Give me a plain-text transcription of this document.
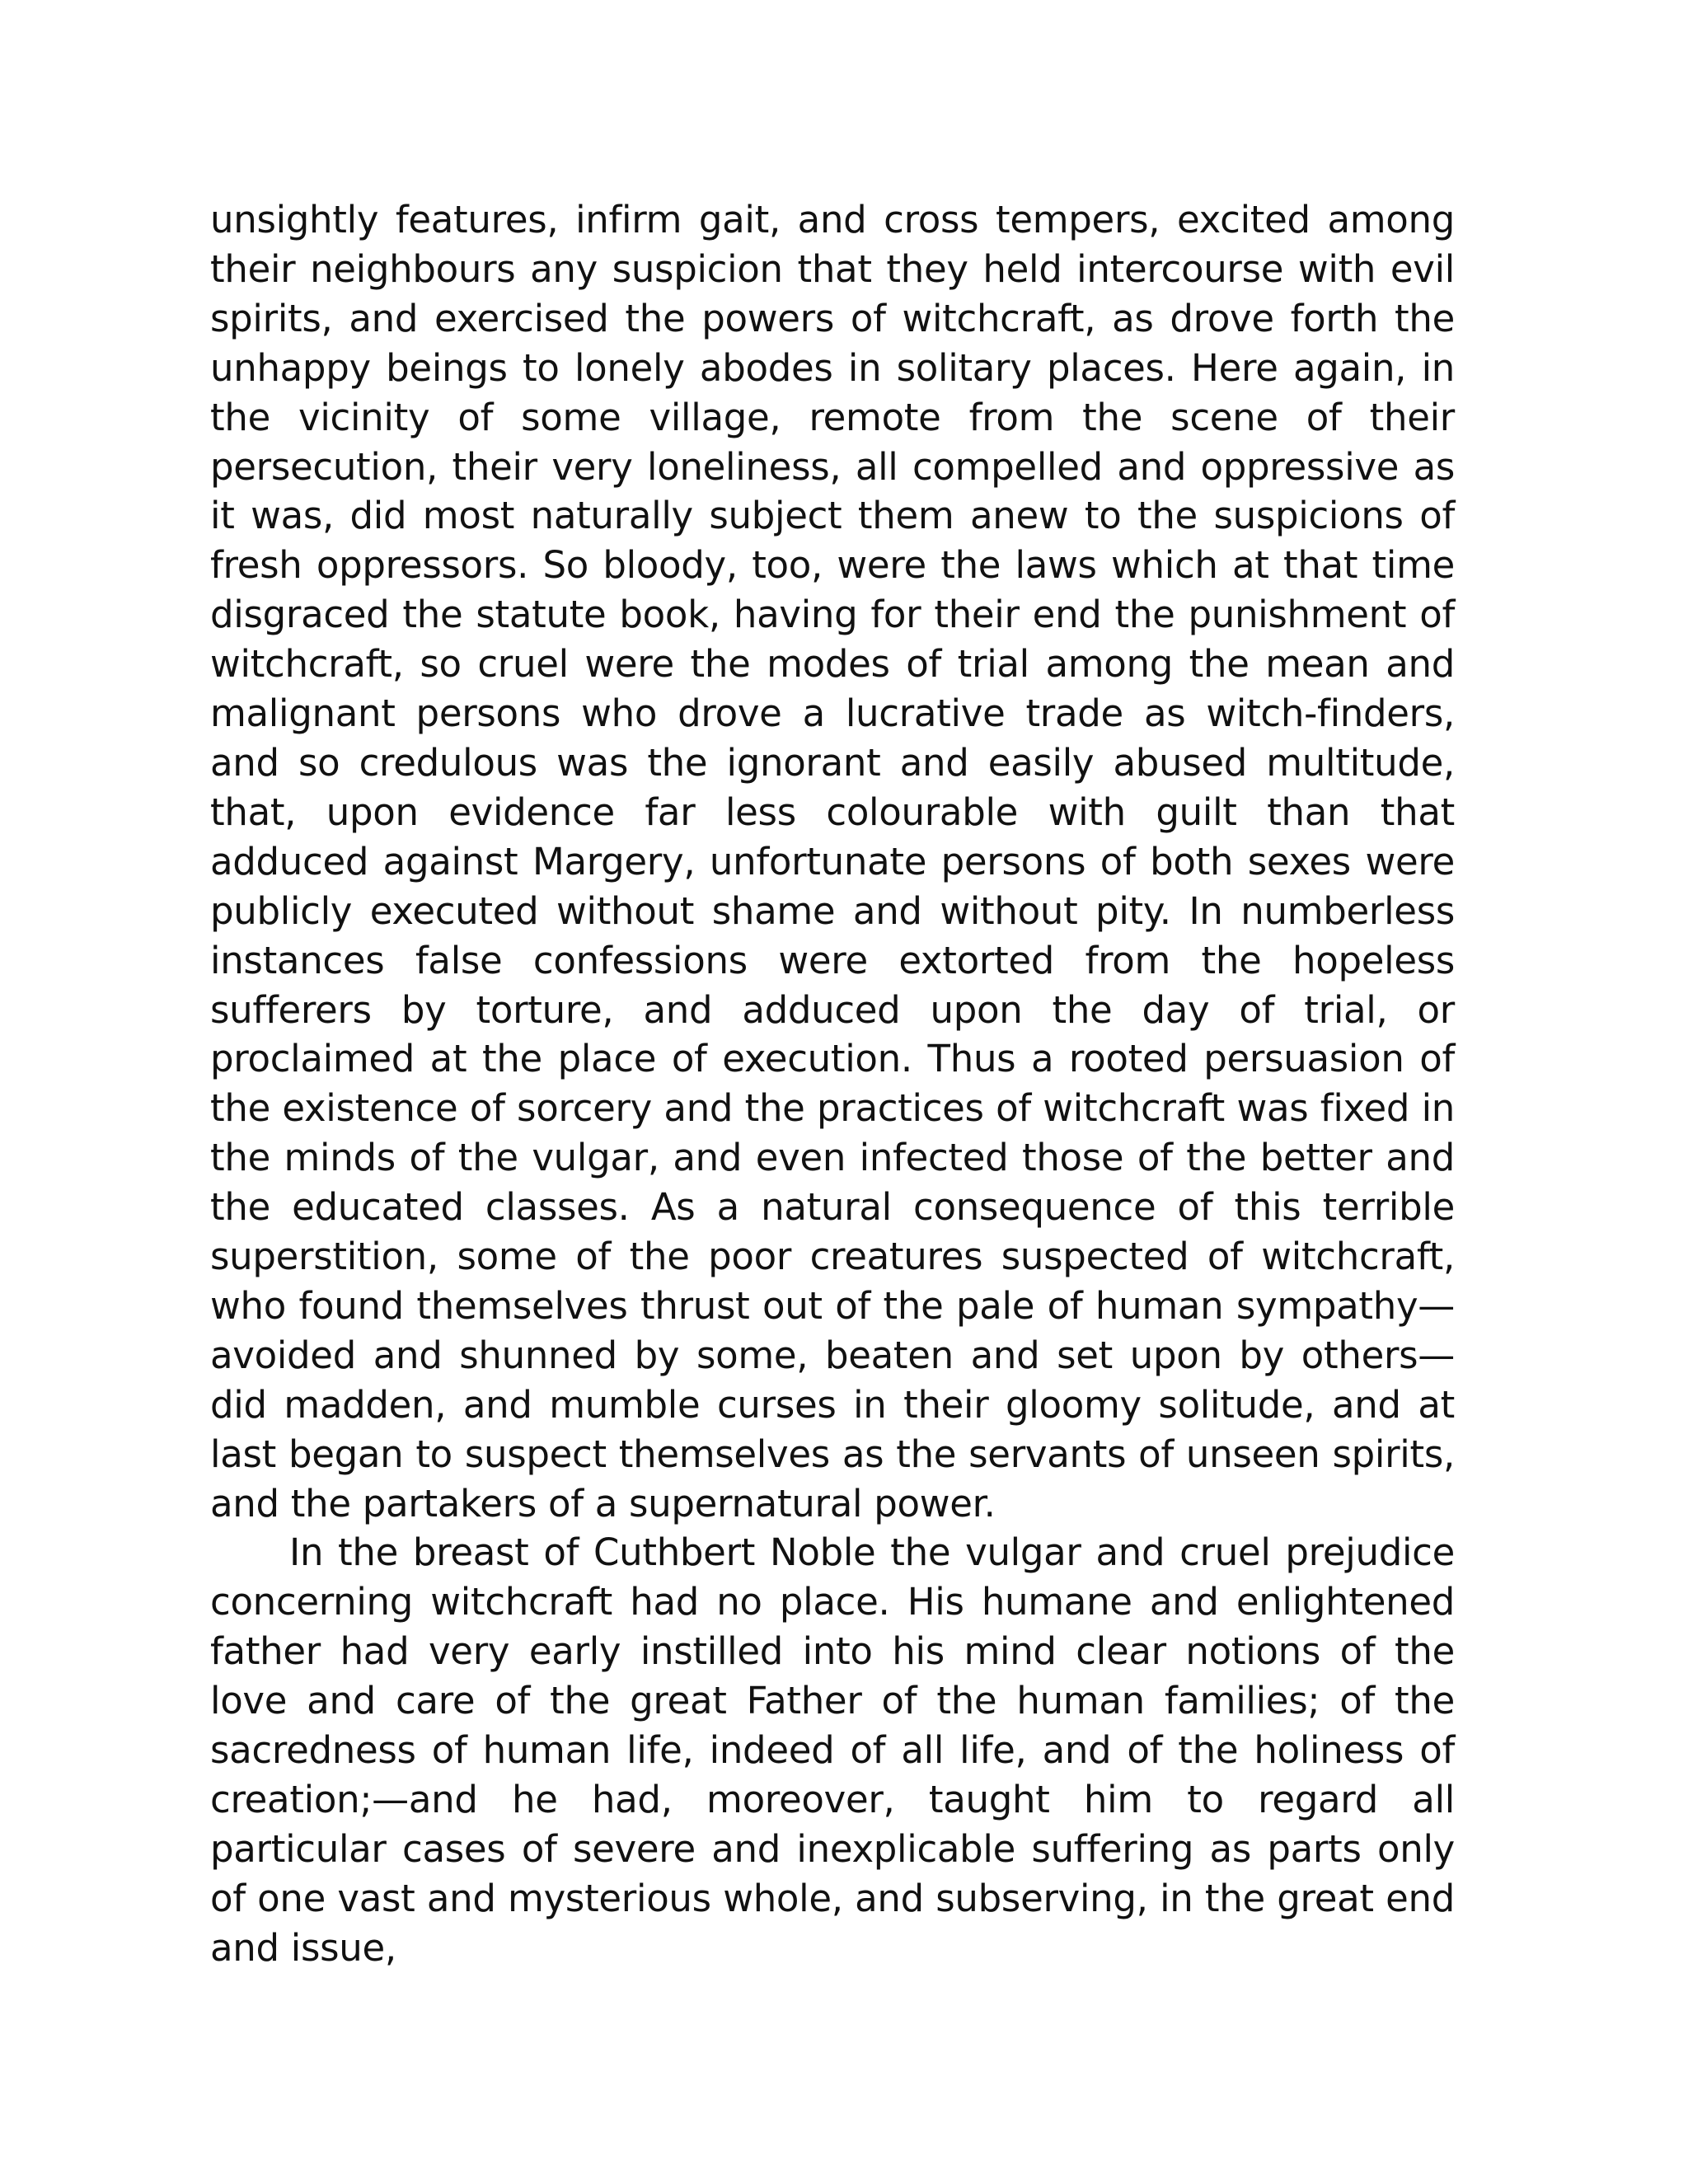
unsightly features, infirm gait, and cross tempers, excited among their neighbours any suspicion that they held intercourse with evil spirits, and exercised the powers of witchcraft, as drove forth the unhappy beings to lonely abodes in solitary places. Here again, in the vicinity of some village, remote from the scene of their persecution, their very loneliness, all compelled and oppressive as it was, did most naturally subject them anew to the suspicions of fresh oppressors. So bloody, too, were the laws which at that time disgraced the statute book, having for their end the punishment of witchcraft, so cruel were the modes of trial among the mean and malignant persons who drove a lucrative trade as witch-finders, and so credulous was the ignorant and easily abused multitude, that, upon evidence far less colourable with guilt than that adduced against Margery, unfortunate persons of both sexes were publicly executed without shame and without pity. In numberless instances false confessions were extorted from the hopeless sufferers by torture, and adduced upon the day of trial, or proclaimed at the place of execution. Thus a rooted persuasion of the existence of sorcery and the practices of witchcraft was fixed in the minds of the vulgar, and even infected those of the better and the educated classes. As a natural consequence of this terrible superstition, some of the poor creatures suspected of witchcraft, who found themselves thrust out of the pale of human sympathy—avoided and shunned by some, beaten and set upon by others—did madden, and mumble curses in their gloomy solitude, and at last began to suspect themselves as the servants of unseen spirits, and the partakers of a supernatural power.

In the breast of Cuthbert Noble the vulgar and cruel prejudice concerning witchcraft had no place. His humane and enlightened father had very early instilled into his mind clear notions of the love and care of the great Father of the human families; of the sacredness of human life, indeed of all life, and of the holiness of creation;—and he had, moreover, taught him to regard all particular cases of severe and inexplicable suffering as parts only of one vast and mysterious whole, and subserving, in the great end and issue,
